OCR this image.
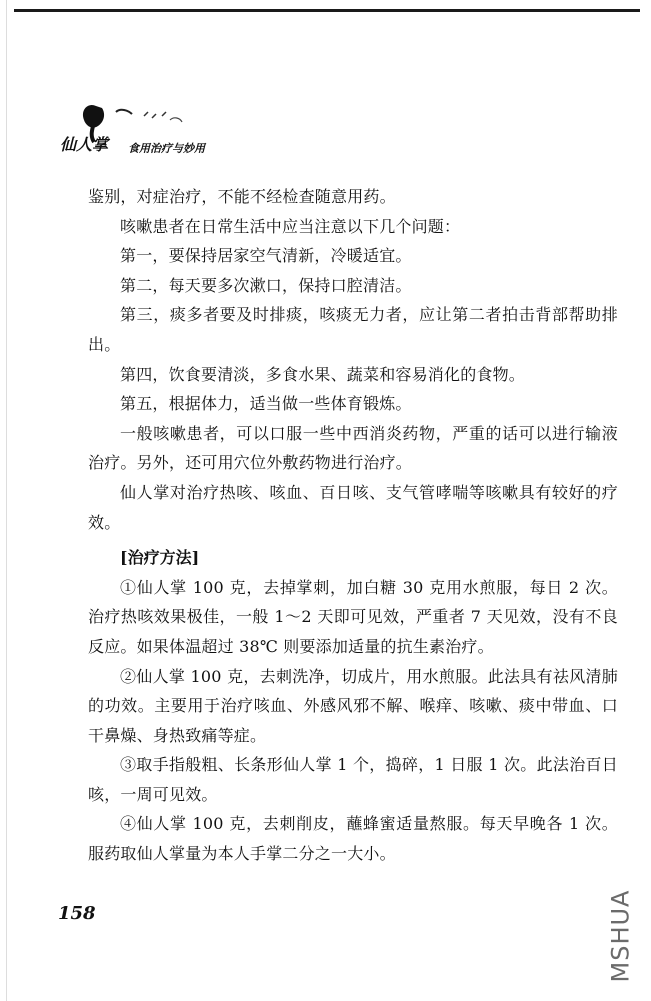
仙人掌 食用治疗与妙用

鉴别，对症治疗，不能不经检查随意用药。

咳嗽患者在日常生活中应当注意以下几个问题：

第一，要保持居家空气清新，冷暖适宜。

第二，每天要多次漱口，保持口腔清洁。

第三，痰多者要及时排痰，咳痰无力者，应让第二者拍击背部帮助排出。

第四，饮食要清淡，多食水果、蔬菜和容易消化的食物。

第五，根据体力，适当做一些体育锻炼。

一般咳嗽患者，可以口服一些中西消炎药物，严重的话可以进行输液治疗。另外，还可用穴位外敷药物进行治疗。

仙人掌对治疗热咳、咳血、百日咳、支气管哮喘等咳嗽具有较好的疗效。

[治疗方法]

①仙人掌 100 克，去掉掌刺，加白糖 30 克用水煎服，每日 2 次。治疗热咳效果极佳，一般 1～2 天即可见效，严重者 7 天见效，没有不良反应。如果体温超过 38℃ 则要添加适量的抗生素治疗。

②仙人掌 100 克，去刺洗净，切成片，用水煎服。此法具有祛风清肺的功效。主要用于治疗咳血、外感风邪不解、喉痒、咳嗽、痰中带血、口干鼻燥、身热致痛等症。

③取手指般粗、长条形仙人掌 1 个，捣碎，1 日服 1 次。此法治百日咳，一周可见效。

④仙人掌 100 克，去刺削皮，蘸蜂蜜适量熬服。每天早晚各 1 次。服药取仙人掌量为本人手掌二分之一大小。

158	MSHUA
